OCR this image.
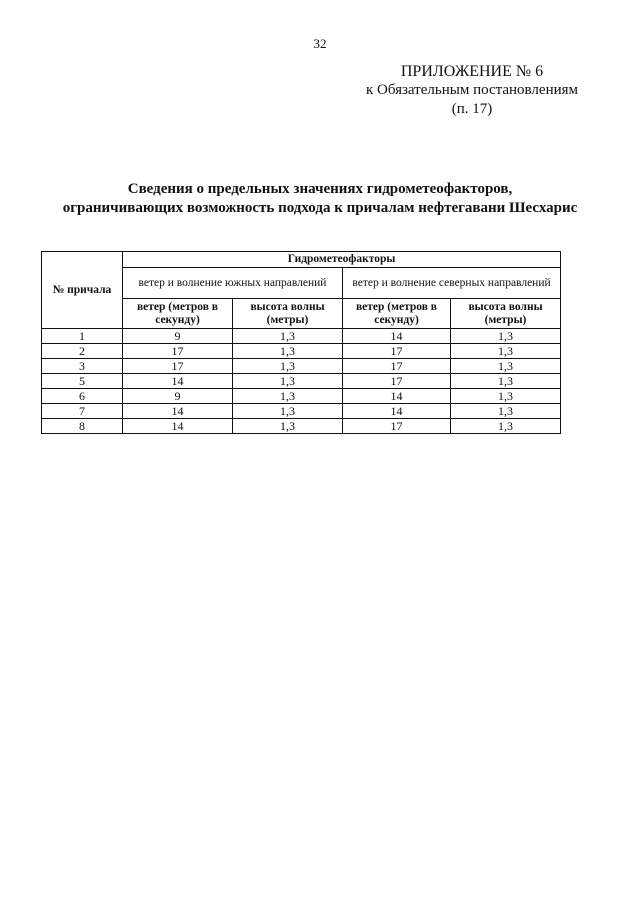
32
ПРИЛОЖЕНИЕ № 6
к Обязательным постановлениям
(п. 17)
Сведения о предельных значениях гидрометеофакторов,
ограничивающих возможность подхода к причалам нефтегавани Шесхарис
№ причала	Гидрометеофакторы			
	ветер и волнение южных направлений		ветер и волнение северных направлений	
	ветер (метров в секунду)	высота волны (метры)	ветер (метров в секунду)	высота волны (метры)
1	9	1,3	14	1,3
2	17	1,3	17	1,3
3	17	1,3	17	1,3
5	14	1,3	17	1,3
6	9	1,3	14	1,3
7	14	1,3	14	1,3
8	14	1,3	17	1,3
